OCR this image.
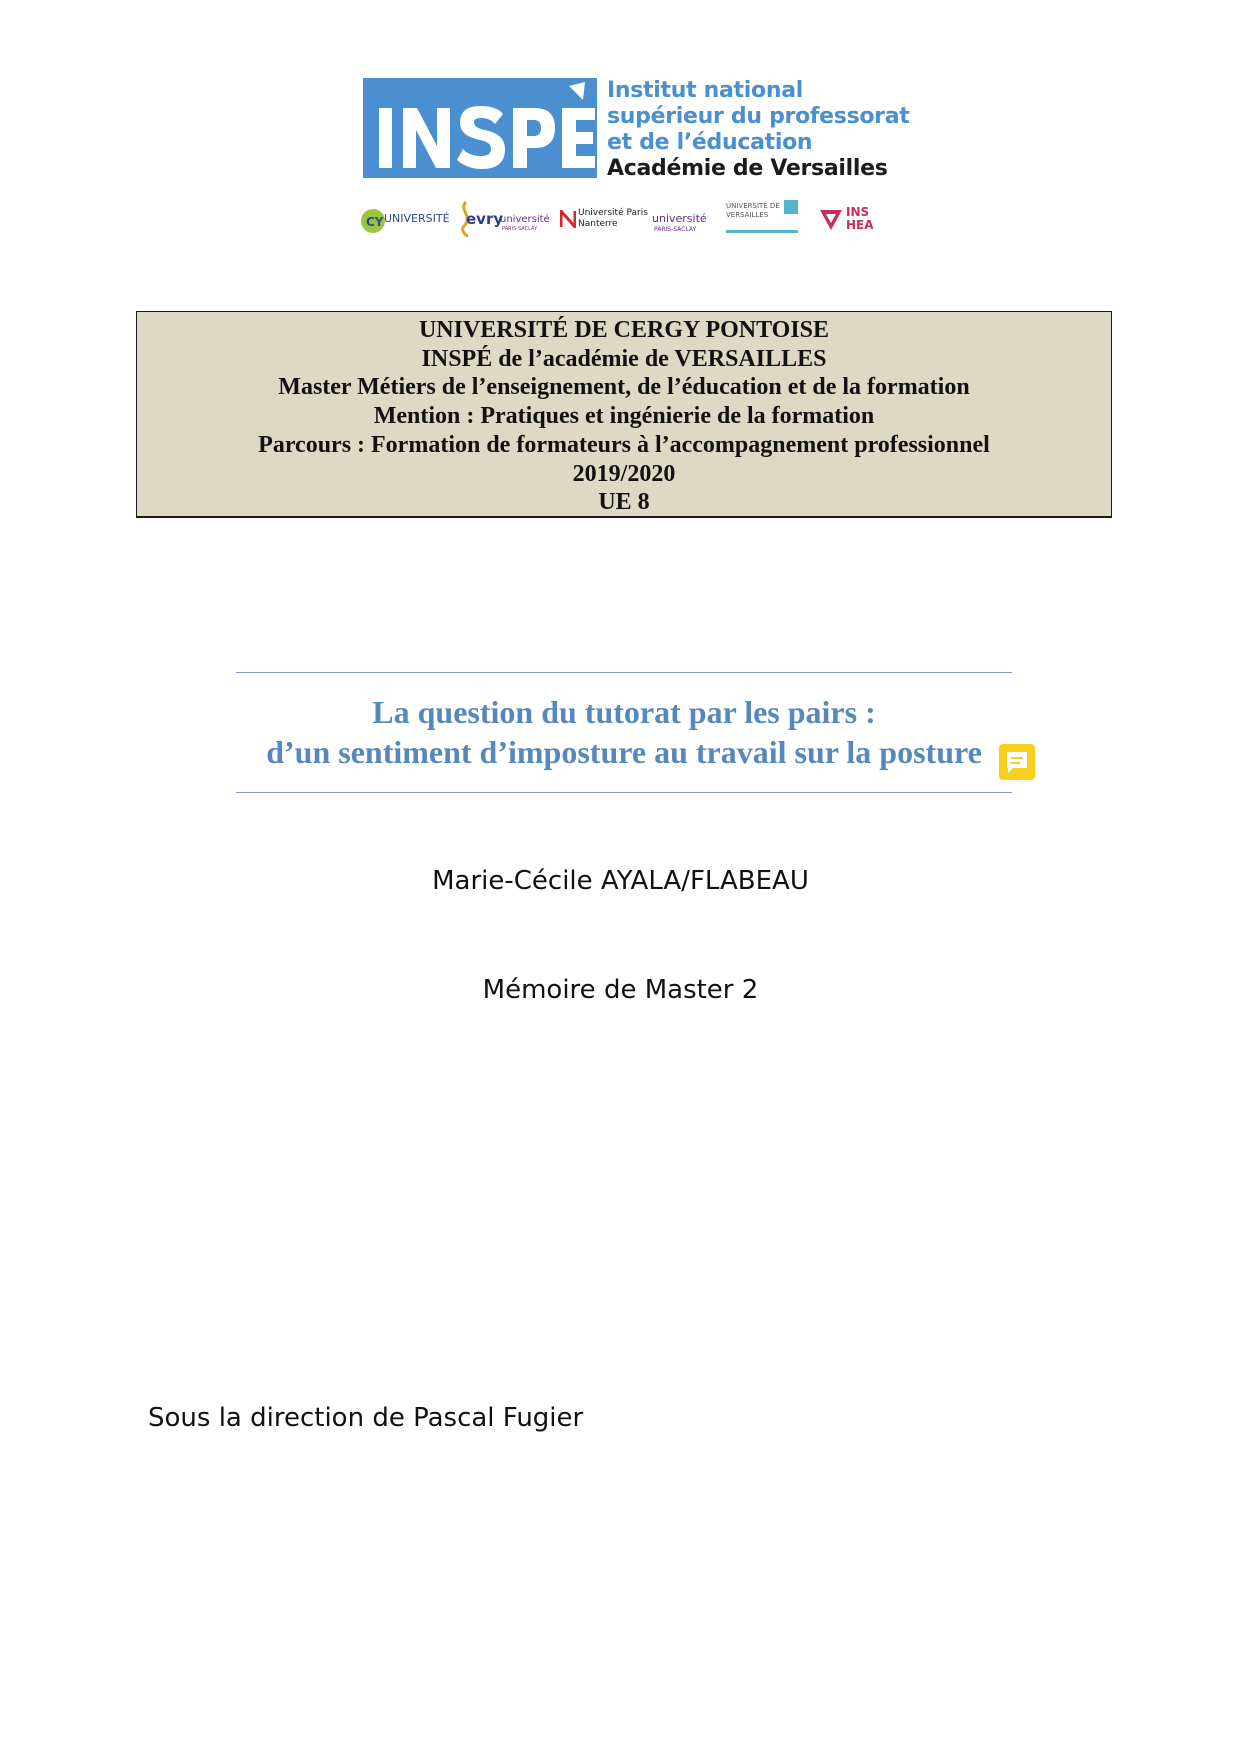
Institut national
supérieur du professorat
et de l’éducation
Académie de Versailles
CY UNIVERSITÉ evry
université
PARIS-SACLAY
Université Paris Nanterre	université
PARIS-SACLAY
UNIVERSITÉ DE VERSAILLES	INS HEA
UNIVERSITÉ DE CERGY PONTOISE
INSPÉ de l’académie de VERSAILLES
Master Métiers de l’enseignement, de l’éducation et de la formation
Mention : Pratiques et ingénierie de la formation
Parcours : Formation de formateurs à l’accompagnement professionnel
2019/2020
UE 8
La question du tutorat par les pairs :
d’un sentiment d’imposture au travail sur la posture
Marie-Cécile AYALA/FLABEAU
Mémoire de Master 2
Sous la direction de Pascal Fugier
